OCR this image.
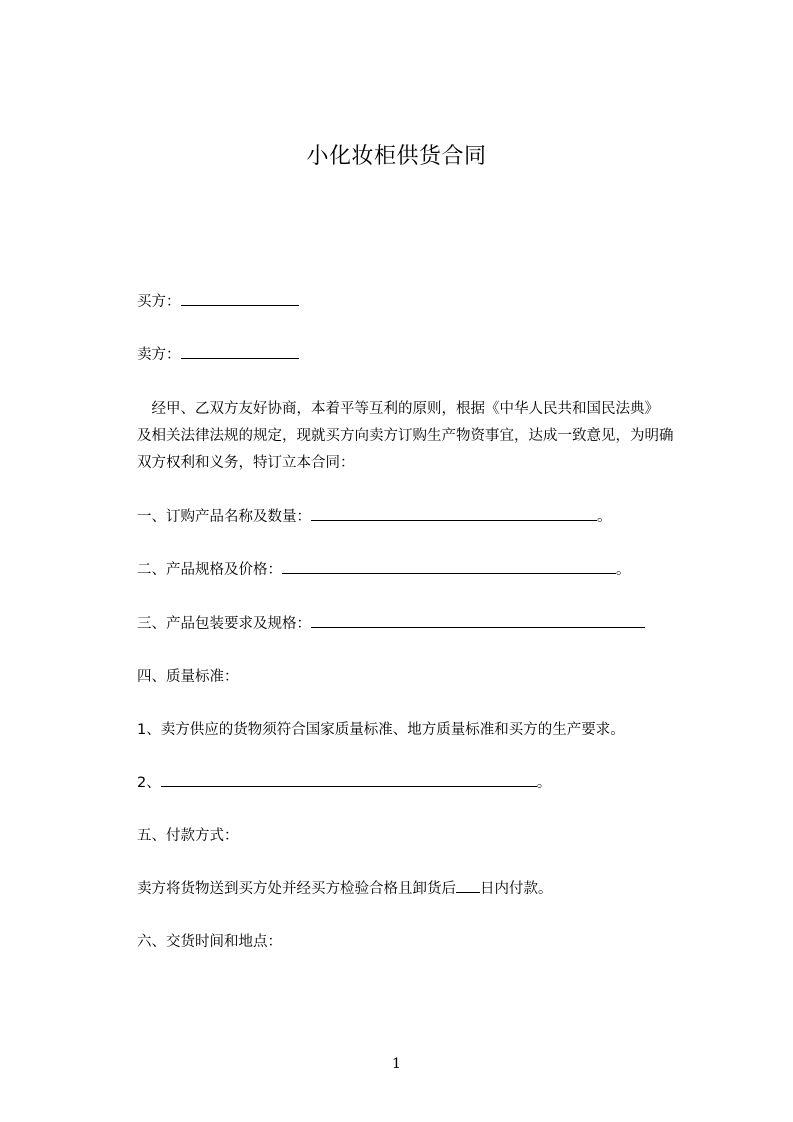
小化妆柜供货合同
买方：
卖方：
　经甲、乙双方友好协商，本着平等互利的原则，根据《中华人民共和国民法典》
及相关法律法规的规定，现就买方向卖方订购生产物资事宜，达成一致意见，为明确
双方权利和义务，特订立本合同：
一、订购产品名称及数量：	。
二、产品规格及价格：	。
三、产品包装要求及规格：
四、质量标准：
1、卖方供应的货物须符合国家质量标准、地方质量标准和买方的生产要求。
2、	。
五、付款方式：
卖方将货物送到买方处并经买方检验合格且卸货后 日内付款。
六、交货时间和地点：
1
